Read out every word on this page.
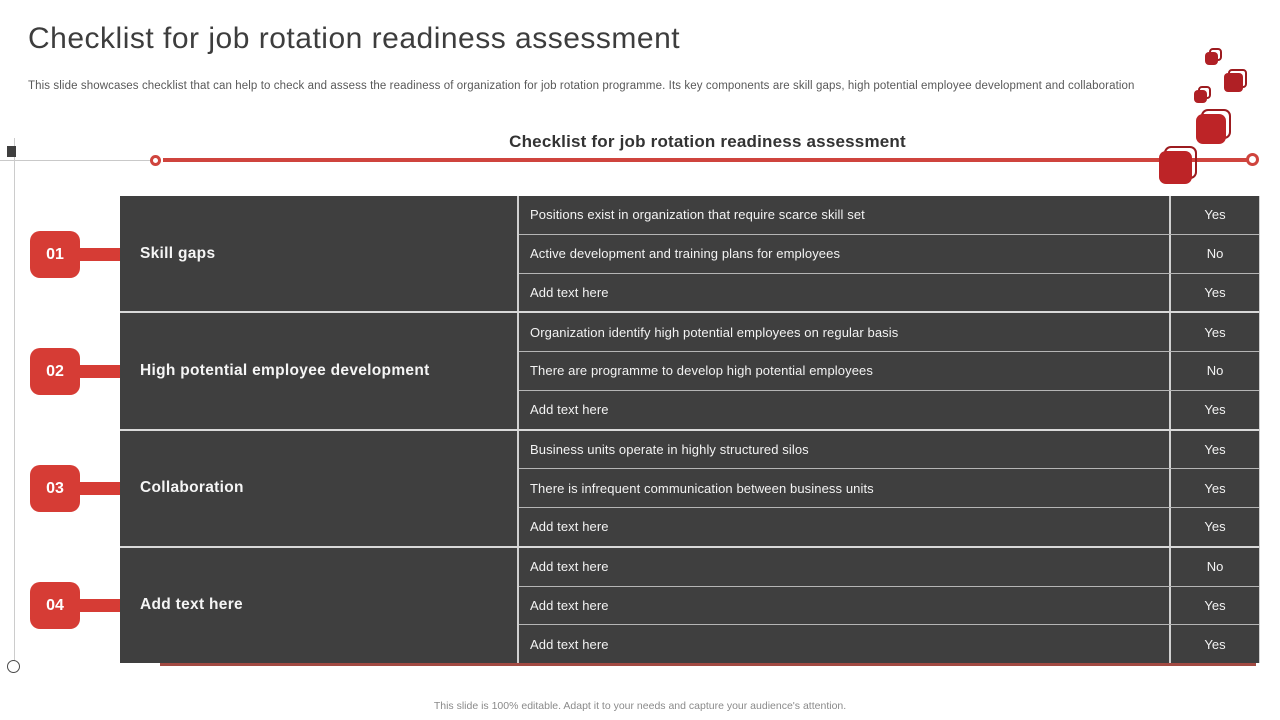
Checklist for job rotation readiness assessment

This slide showcases checklist that can help to check and assess the readiness of organization for job rotation programme. Its key components are skill gaps, high potential employee development and collaboration

Checklist for job rotation readiness assessment
01
02
03
04
Skill gaps
Positions exist in organization that require scarce skill set	Yes
Active development and training plans for employees	No
Add text here	Yes
High potential employee development
Organization identify high potential employees on regular basis	Yes
There are programme to develop high potential employees	No
Add text here	Yes
Collaboration
Business units operate in highly structured silos	Yes
There is infrequent communication between business units	Yes
Add text here	Yes
Add text here
Add text here	No
Add text here	Yes
Add text here	Yes

This slide is 100% editable. Adapt it to your needs and capture your audience's attention.
